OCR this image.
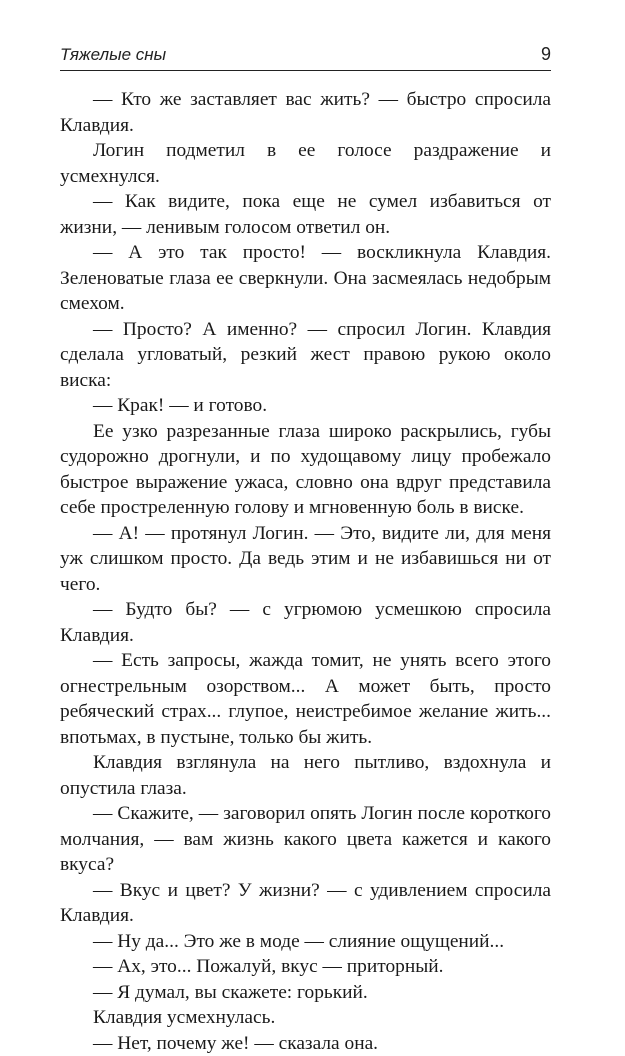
Тяжелые сны	9

— Кто же заставляет вас жить? — быстро спросила Клавдия.

Логин подметил в ее голосе раздражение и усмехнулся.

— Как видите, пока еще не сумел избавиться от жизни, — ленивым голосом ответил он.

— А это так просто! — воскликнула Клавдия. Зеленоватые глаза ее сверкнули. Она засмеялась недобрым смехом.

— Просто? А именно? — спросил Логин. Клавдия сделала угловатый, резкий жест правою рукою около виска:

— Крак! — и готово.

Ее узко разрезанные глаза широко раскрылись, губы судорожно дрогнули, и по худощавому лицу пробежало быстрое выражение ужаса, словно она вдруг представила себе простреленную голову и мгновенную боль в виске.

— А! — протянул Логин. — Это, видите ли, для меня уж слишком просто. Да ведь этим и не избавишься ни от чего.

— Будто бы? — с угрюмою усмешкою спросила Клавдия.

— Есть запросы, жажда томит, не унять всего этого огнестрельным озорством... А может быть, просто ребяческий страх... глупое, неистребимое желание жить... впотьмах, в пустыне, только бы жить.

Клавдия взглянула на него пытливо, вздохнула и опустила глаза.

— Скажите, — заговорил опять Логин после короткого молчания, — вам жизнь какого цвета кажется и какого вкуса?

— Вкус и цвет? У жизни? — с удивлением спросила Клавдия.

— Ну да... Это же в моде — слияние ощущений...

— Ах, это... Пожалуй, вкус — приторный.

— Я думал, вы скажете: горький.

Клавдия усмехнулась.

— Нет, почему же! — сказала она.
